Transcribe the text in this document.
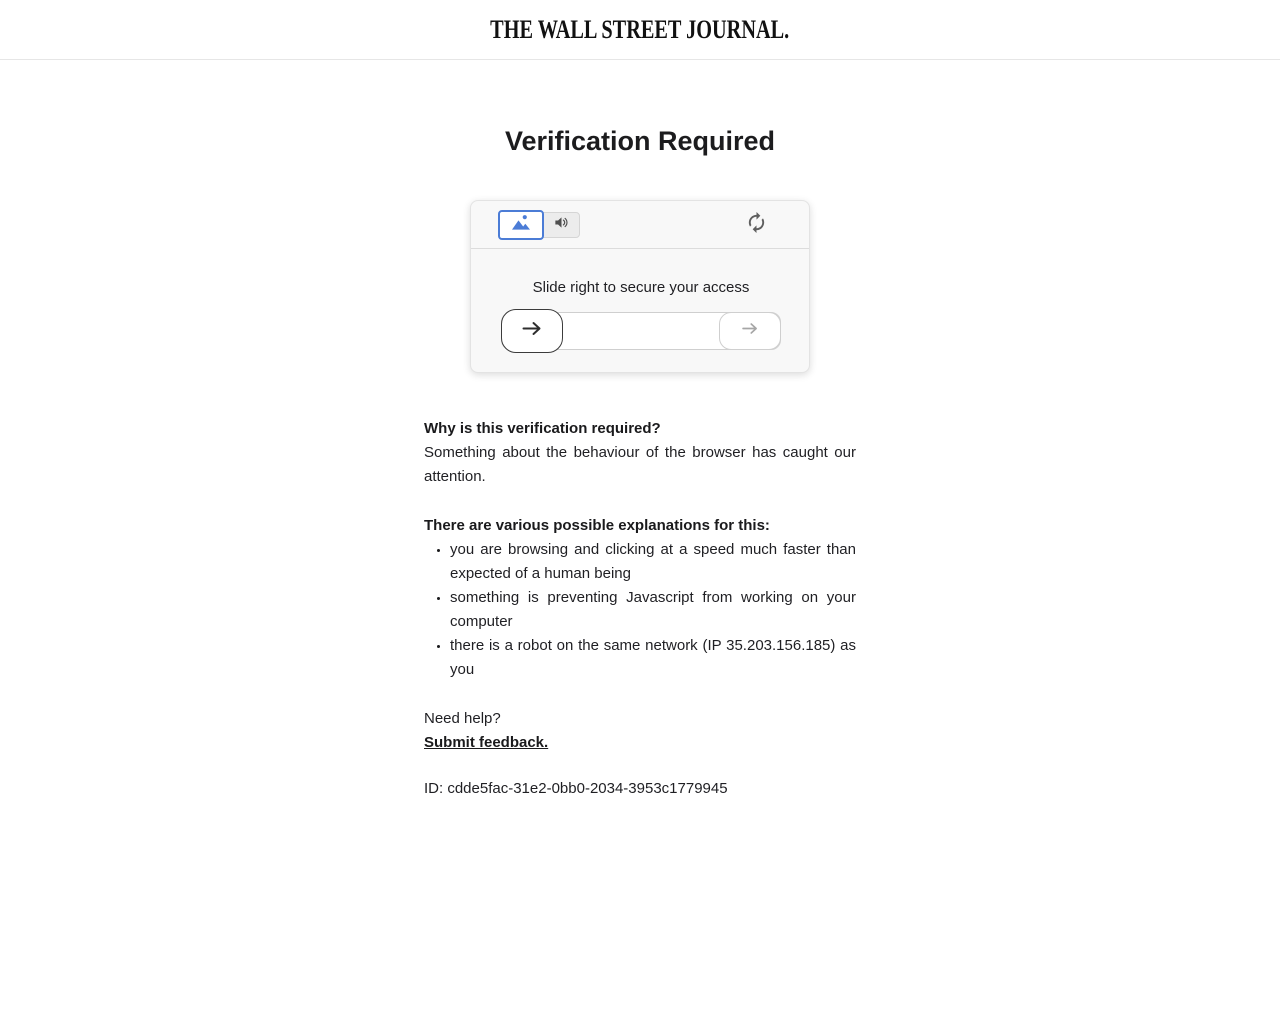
THE WALL STREET JOURNAL.
Verification Required

Slide right to secure your access

Why is this verification required?

Something about the behaviour of the browser has caught our attention.

There are various possible explanations for this:
• you are browsing and clicking at a speed much faster than expected of a human being
• something is preventing Javascript from working on your computer
• there is a robot on the same network (IP 35.203.156.185) as you

Need help?

Submit feedback.

ID: cdde5fac-31e2-0bb0-2034-3953c1779945
